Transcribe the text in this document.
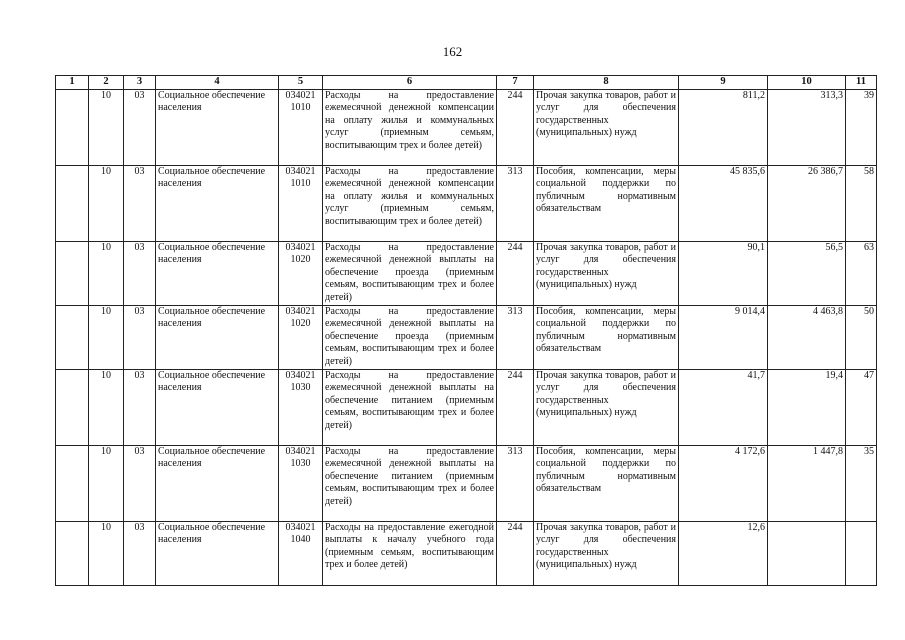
162
1	2	3	4	5	6	7	8	9	10	11
	10	03	Социальное обеспечение населения	034021 1010	Расходы на предоставление ежемесячной денежной компенсации на оплату жилья и коммунальных услуг (приемным семьям, воспитывающим трех и более детей)	244	Прочая закупка товаров, работ и услуг для обеспечения государственных (муниципальных) нужд	811,2	313,3	39
	10	03	Социальное обеспечение населения	034021 1010	Расходы на предоставление ежемесячной денежной компенсации на оплату жилья и коммунальных услуг (приемным семьям, воспитывающим трех и более детей)	313	Пособия, компенсации, меры социальной поддержки по публичным нормативным обязательствам	45 835,6	26 386,7	58
	10	03	Социальное обеспечение населения	034021 1020	Расходы на предоставление ежемесячной денежной выплаты на обеспечение проезда (приемным семьям, воспитывающим трех и более детей)	244	Прочая закупка товаров, работ и услуг для обеспечения государственных (муниципальных) нужд	90,1	56,5	63
	10	03	Социальное обеспечение населения	034021 1020	Расходы на предоставление ежемесячной денежной выплаты на обеспечение проезда (приемным семьям, воспитывающим трех и более детей)	313	Пособия, компенсации, меры социальной поддержки по публичным нормативным обязательствам	9 014,4	4 463,8	50
	10	03	Социальное обеспечение населения	034021 1030	Расходы на предоставление ежемесячной денежной выплаты на обеспечение питанием (приемным семьям, воспитывающим трех и более детей)	244	Прочая закупка товаров, работ и услуг для обеспечения государственных (муниципальных) нужд	41,7	19,4	47
	10	03	Социальное обеспечение населения	034021 1030	Расходы на предоставление ежемесячной денежной выплаты на обеспечение питанием (приемным семьям, воспитывающим трех и более детей)	313	Пособия, компенсации, меры социальной поддержки по публичным нормативным обязательствам	4 172,6	1 447,8	35
	10	03	Социальное обеспечение населения	034021 1040	Расходы на предоставление ежегодной выплаты к началу учебного года (приемным семьям, воспитывающим трех и более детей)	244	Прочая закупка товаров, работ и услуг для обеспечения государственных (муниципальных) нужд	12,6		
